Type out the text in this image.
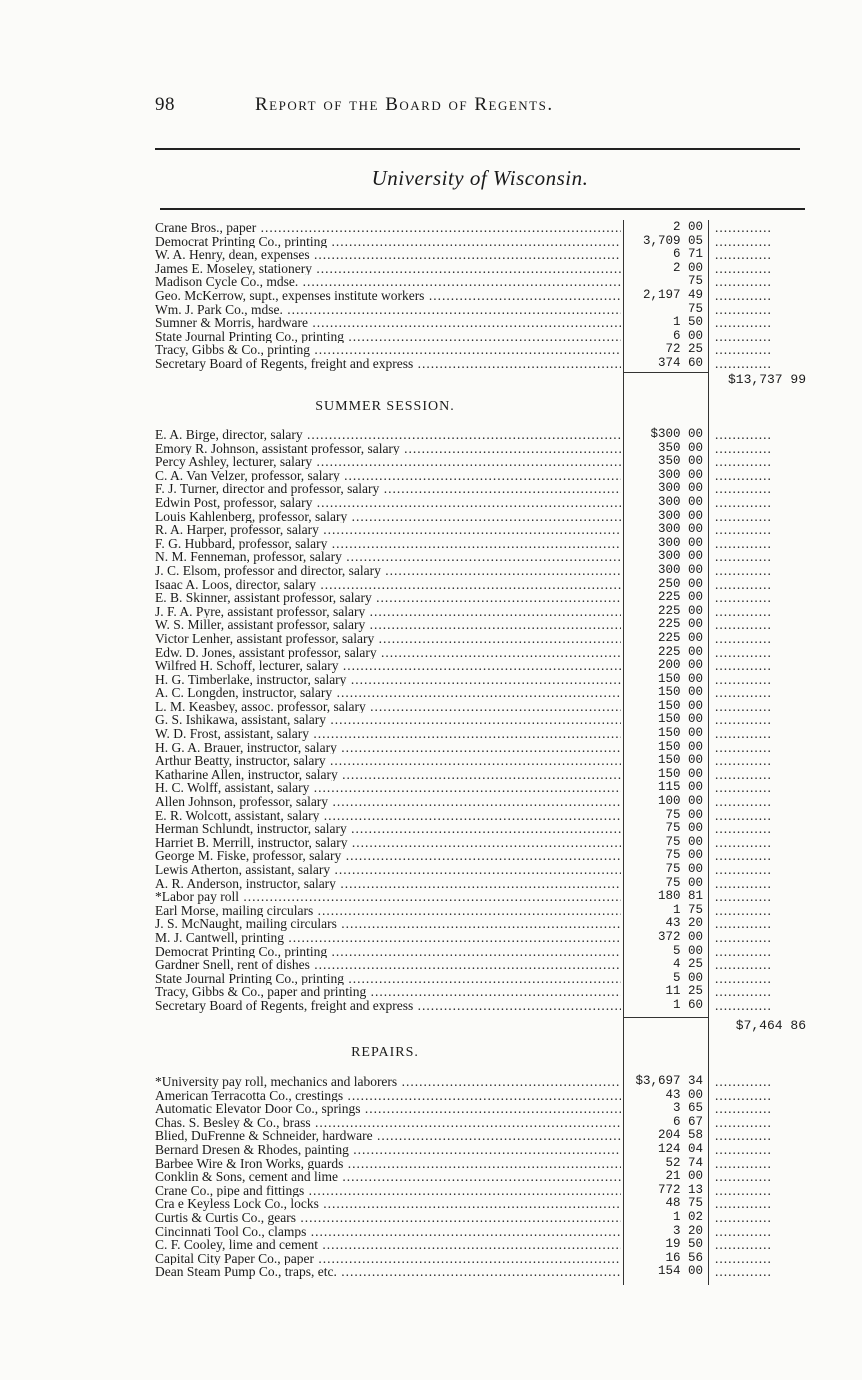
98	Report of the Board of Regents.
University of Wisconsin.
Crane Bros., paper .....	2 00 .............
Democrat Printing Co., printing .....	3,709 05 .............
W. A. Henry, dean, expenses .....	6 71 .............
James E. Moseley, stationery .....	2 00 .............
Madison Cycle Co., mdse. .....	75 .............
Geo. McKerrow, supt., expenses institute workers .....	2,197 49 .............
Wm. J. Park Co., mdse. .....	75 .............
Sumner & Morris, hardware .....	1 50 .............
State Journal Printing Co., printing .....	6 00 .............
Tracy, Gibbs & Co., printing .....	72 25 .............
Secretary Board of Regents, freight and express .....	374 60 .............
$13,737 99
SUMMER SESSION.
E. A. Birge, director, salary .....	$300 00 .............
Emory R. Johnson, assistant professor, salary .....	350 00 .............
Percy Ashley, lecturer, salary .....	350 00 .............
C. A. Van Velzer, professor, salary .....	300 00 .............
F. J. Turner, director and professor, salary .....	300 00 .............
Edwin Post, professor, salary .....	300 00 .............
Louis Kahlenberg, professor, salary .....	300 00 .............
R. A. Harper, professor, salary .....	300 00 .............
F. G. Hubbard, professor, salary .....	300 00 .............
N. M. Fenneman, professor, salary .....	300 00 .............
J. C. Elsom, professor and director, salary .....	300 00 .............
Isaac A. Loos, director, salary .....	250 00 .............
E. B. Skinner, assistant professor, salary .....	225 00 .............
J. F. A. Pyre, assistant professor, salary .....	225 00 .............
W. S. Miller, assistant professor, salary .....	225 00 .............
Victor Lenher, assistant professor, salary .....	225 00 .............
Edw. D. Jones, assistant professor, salary .....	225 00 .............
Wilfred H. Schoff, lecturer, salary .....	200 00 .............
H. G. Timberlake, instructor, salary .....	150 00 .............
A. C. Longden, instructor, salary .....	150 00 .............
L. M. Keasbey, assoc. professor, salary .....	150 00 .............
G. S. Ishikawa, assistant, salary .....	150 00 .............
W. D. Frost, assistant, salary .....	150 00 .............
H. G. A. Brauer, instructor, salary .....	150 00 .............
Arthur Beatty, instructor, salary .....	150 00 .............
Katharine Allen, instructor, salary .....	150 00 .............
H. C. Wolff, assistant, salary .....	115 00 .............
Allen Johnson, professor, salary .....	100 00 .............
E. R. Wolcott, assistant, salary .....	75 00 .............
Herman Schlundt, instructor, salary .....	75 00 .............
Harriet B. Merrill, instructor, salary .....	75 00 .............
George M. Fiske, professor, salary .....	75 00 .............
Lewis Atherton, assistant, salary .....	75 00 .............
A. R. Anderson, instructor, salary .....	75 00 .............
*Labor pay roll .....	180 81 .............
Earl Morse, mailing circulars .....	1 75 .............
J. S. McNaught, mailing circulars .....	43 20 .............
M. J. Cantwell, printing .....	372 00 .............
Democrat Printing Co., printing .....	5 00 .............
Gardner Snell, rent of dishes .....	4 25 .............
State Journal Printing Co., printing .....	5 00 .............
Tracy, Gibbs & Co., paper and printing .....	11 25 .............
Secretary Board of Regents, freight and express .....	1 60 .............
$7,464 86
REPAIRS.
*University pay roll, mechanics and laborers .....	$3,697 34 .............
American Terracotta Co., crestings .....	43 00 .............
Automatic Elevator Door Co., springs .....	3 65 .............
Chas. S. Besley & Co., brass .....	6 67 .............
Blied, DuFrenne & Schneider, hardware .....	204 58 .............
Bernard Dresen & Rhodes, painting .....	124 04 .............
Barbee Wire & Iron Works, guards .....	52 74 .............
Conklin & Sons, cement and lime .....	21 00 .............
Crane Co., pipe and fittings .....	772 13 .............
Cra e Keyless Lock Co., locks .....	48 75 .............
Curtis & Curtis Co., gears .....	1 02 .............
Cincinnati Tool Co., clamps .....	3 20 .............
C. F. Cooley, lime and cement .....	19 50 .............
Capital City Paper Co., paper .....	16 56 .............
Dean Steam Pump Co., traps, etc. .....	154 00 .............
